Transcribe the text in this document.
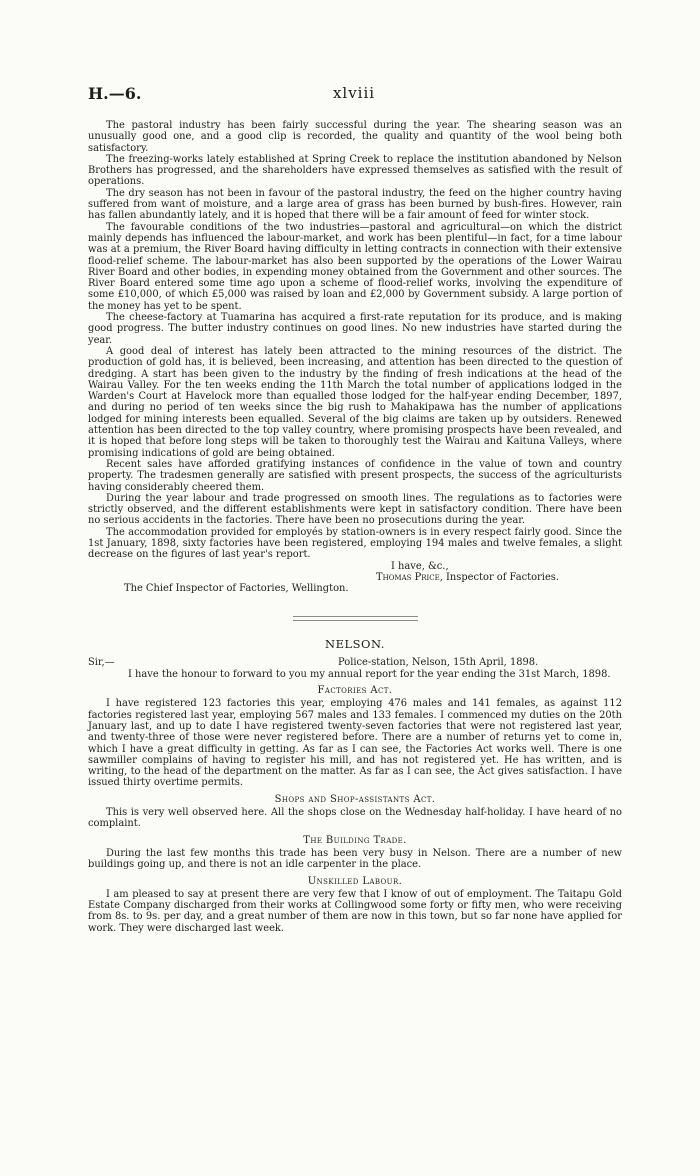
H.—6.	xlviii

The pastoral industry has been fairly successful during the year. The shearing season was an unusually good one, and a good clip is recorded, the quality and quantity of the wool being both satisfactory.

The freezing-works lately established at Spring Creek to replace the institution abandoned by Nelson Brothers has progressed, and the shareholders have expressed themselves as satisfied with the result of operations.

The dry season has not been in favour of the pastoral industry, the feed on the higher country having suffered from want of moisture, and a large area of grass has been burned by bush-fires. However, rain has fallen abundantly lately, and it is hoped that there will be a fair amount of feed for winter stock.

The favourable conditions of the two industries—pastoral and agricultural—on which the district mainly depends has influenced the labour-market, and work has been plentiful—in fact, for a time labour was at a premium, the River Board having difficulty in letting contracts in connection with their extensive flood-relief scheme. The labour-market has also been supported by the operations of the Lower Wairau River Board and other bodies, in expending money obtained from the Government and other sources. The River Board entered some time ago upon a scheme of flood-relief works, involving the expenditure of some £10,000, of which £5,000 was raised by loan and £2,000 by Government subsidy. A large portion of the money has yet to be spent.

The cheese-factory at Tuamarina has acquired a first-rate reputation for its produce, and is making good progress. The butter industry continues on good lines. No new industries have started during the year.

A good deal of interest has lately been attracted to the mining resources of the district. The production of gold has, it is believed, been increasing, and attention has been directed to the question of dredging. A start has been given to the industry by the finding of fresh indications at the head of the Wairau Valley. For the ten weeks ending the 11th March the total number of applications lodged in the Warden's Court at Havelock more than equalled those lodged for the half-year ending December, 1897, and during no period of ten weeks since the big rush to Mahakipawa has the number of applications lodged for mining interests been equalled. Several of the big claims are taken up by outsiders. Renewed attention has been directed to the top valley country, where promising prospects have been revealed, and it is hoped that before long steps will be taken to thoroughly test the Wairau and Kaituna Valleys, where promising indications of gold are being obtained.

Recent sales have afforded gratifying instances of confidence in the value of town and country property. The tradesmen generally are satisfied with present prospects, the success of the agriculturists having considerably cheered them.

During the year labour and trade progressed on smooth lines. The regulations as to factories were strictly observed, and the different establishments were kept in satisfactory condition. There have been no serious accidents in the factories. There have been no prosecutions during the year.

The accommodation provided for employés by station-owners is in every respect fairly good. Since the 1st January, 1898, sixty factories have been registered, employing 194 males and twelve females, a slight decrease on the figures of last year's report.

I have, &c.,

Thomas Price, Inspector of Factories.

The Chief Inspector of Factories, Wellington.

NELSON.
Sir,—	Police-station, Nelson, 15th April, 1898.

I have the honour to forward to you my annual report for the year ending the 31st March, 1898.

Factories Act.

I have registered 123 factories this year, employing 476 males and 141 females, as against 112 factories registered last year, employing 567 males and 133 females. I commenced my duties on the 20th January last, and up to date I have registered twenty-seven factories that were not registered last year, and twenty-three of those were never registered before. There are a number of returns yet to come in, which I have a great difficulty in getting. As far as I can see, the Factories Act works well. There is one sawmiller complains of having to register his mill, and has not registered yet. He has written, and is writing, to the head of the department on the matter. As far as I can see, the Act gives satisfaction. I have issued thirty overtime permits.

Shops and Shop-assistants Act.

This is very well observed here. All the shops close on the Wednesday half-holiday. I have heard of no complaint.

The Building Trade.

During the last few months this trade has been very busy in Nelson. There are a number of new buildings going up, and there is not an idle carpenter in the place.

Unskilled Labour.

I am pleased to say at present there are very few that I know of out of employment. The Taitapu Gold Estate Company discharged from their works at Collingwood some forty or fifty men, who were receiving from 8s. to 9s. per day, and a great number of them are now in this town, but so far none have applied for work. They were discharged last week.
